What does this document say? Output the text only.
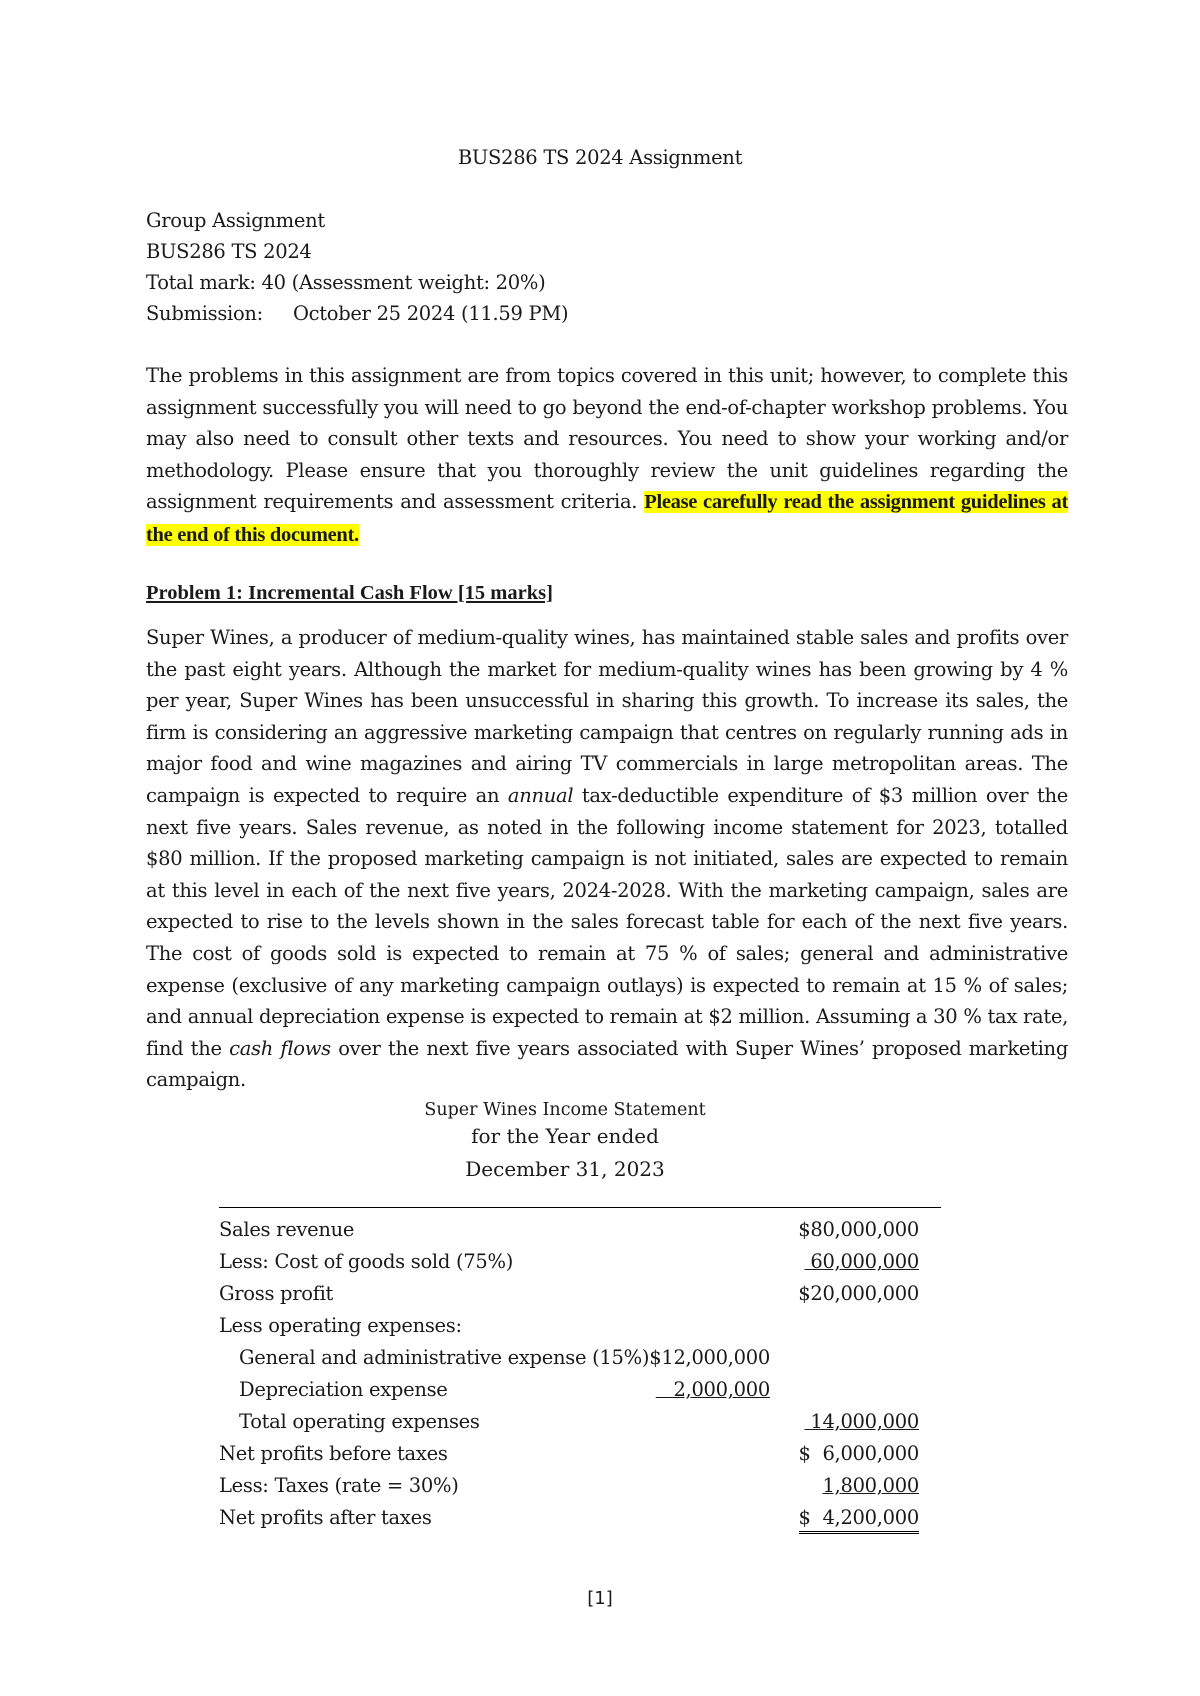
BUS286 TS 2024 Assignment
Group Assignment
BUS286 TS 2024
Total mark: 40 (Assessment weight: 20%)
Submission: October 25 2024 (11.59 PM)

The problems in this assignment are from topics covered in this unit; however, to complete this assignment successfully you will need to go beyond the end-of-chapter workshop problems. You may also need to consult other texts and resources. You need to show your working and/or methodology. Please ensure that you thoroughly review the unit guidelines regarding the assignment requirements and assessment criteria. Please carefully read the assignment guidelines at the end of this document.

Problem 1: Incremental Cash Flow [15 marks]

Super Wines, a producer of medium-quality wines, has maintained stable sales and profits over the past eight years. Although the market for medium-quality wines has been growing by 4 % per year, Super Wines has been unsuccessful in sharing this growth. To increase its sales, the firm is considering an aggressive marketing campaign that centres on regularly running ads in major food and wine magazines and airing TV commercials in large metropolitan areas. The campaign is expected to require an annual tax-deductible expenditure of $3 million over the next five years. Sales revenue, as noted in the following income statement for 2023, totalled $80 million. If the proposed marketing campaign is not initiated, sales are expected to remain at this level in each of the next five years, 2024-2028. With the marketing campaign, sales are expected to rise to the levels shown in the sales forecast table for each of the next five years. The cost of goods sold is expected to remain at 75 % of sales; general and administrative expense (exclusive of any marketing campaign outlays) is expected to remain at 15 % of sales; and annual depreciation expense is expected to remain at $2 million. Assuming a 30 % tax rate, find the cash flows over the next five years associated with Super Wines’ proposed marketing campaign.

Super Wines Income Statement
for the Year ended
December 31, 2023
Sales revenue	$80,000,000
Less: Cost of goods sold (75%)	60,000,000
Gross profit	$20,000,000
Less operating expenses:
General and administrative expense (15%) $12,000,000
Depreciation expense	2,000,000
Total operating expenses	14,000,000
Net profits before taxes	$  6,000,000
Less: Taxes (rate = 30%)	1,800,000
Net profits after taxes	$  4,200,000
[1]
